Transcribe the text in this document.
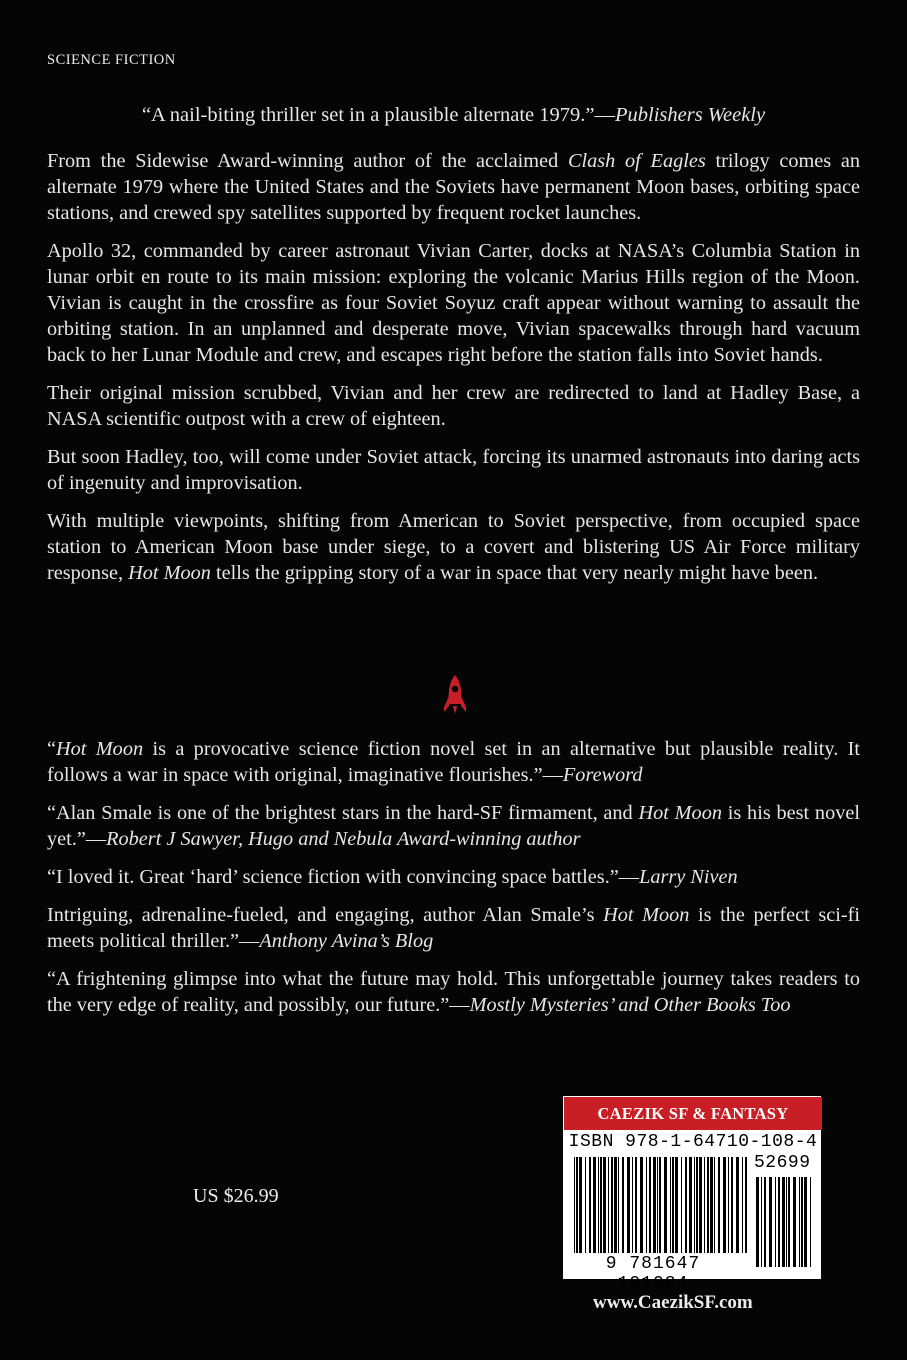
SCIENCE FICTION
“A nail-biting thriller set in a plausible alternate 1979.”—Publishers Weekly

From the Sidewise Award-winning author of the acclaimed Clash of Eagles trilogy comes an alternate 1979 where the United States and the Soviets have permanent Moon bases, orbiting space stations, and crewed spy satellites supported by frequent rocket launches.

Apollo 32, commanded by career astronaut Vivian Carter, docks at NASA’s Columbia Station in lunar orbit en route to its main mission: exploring the volcanic Marius Hills region of the Moon. Vivian is caught in the crossfire as four Soviet Soyuz craft appear without warning to assault the orbiting station. In an unplanned and desperate move, Vivian spacewalks through hard vacuum back to her Lunar Module and crew, and escapes right before the station falls into Soviet hands.

Their original mission scrubbed, Vivian and her crew are redirected to land at Hadley Base, a NASA scientific outpost with a crew of eighteen.

But soon Hadley, too, will come under Soviet attack, forcing its unarmed astronauts into daring acts of ingenuity and improvisation.

With multiple viewpoints, shifting from American to Soviet perspective, from occupied space station to American Moon base under siege, to a covert and blistering US Air Force military response, Hot Moon tells the gripping story of a war in space that very nearly might have been.

“Hot Moon is a provocative science fiction novel set in an alternative but plausible reality. It follows a war in space with original, imaginative flourishes.”—Foreword

“Alan Smale is one of the brightest stars in the hard-SF firmament, and Hot Moon is his best novel yet.”—Robert J Sawyer, Hugo and Nebula Award-winning author

“I loved it. Great ‘hard’ science fiction with convincing space battles.”—Larry Niven

Intriguing, adrenaline-fueled, and engaging, author Alan Smale’s Hot Moon is the perfect sci-fi meets political thriller.”—Anthony Avina’s Blog

“A frightening glimpse into what the future may hold. This unforgettable journey takes readers to the very edge of reality, and possibly, our future.”—Mostly Mysteries’ and Other Books Too

US $26.99
CAEZIK SF & FANTASY
ISBN 978-1-64710-108-4
52699
9 781647 101084
www.CaezikSF.com
